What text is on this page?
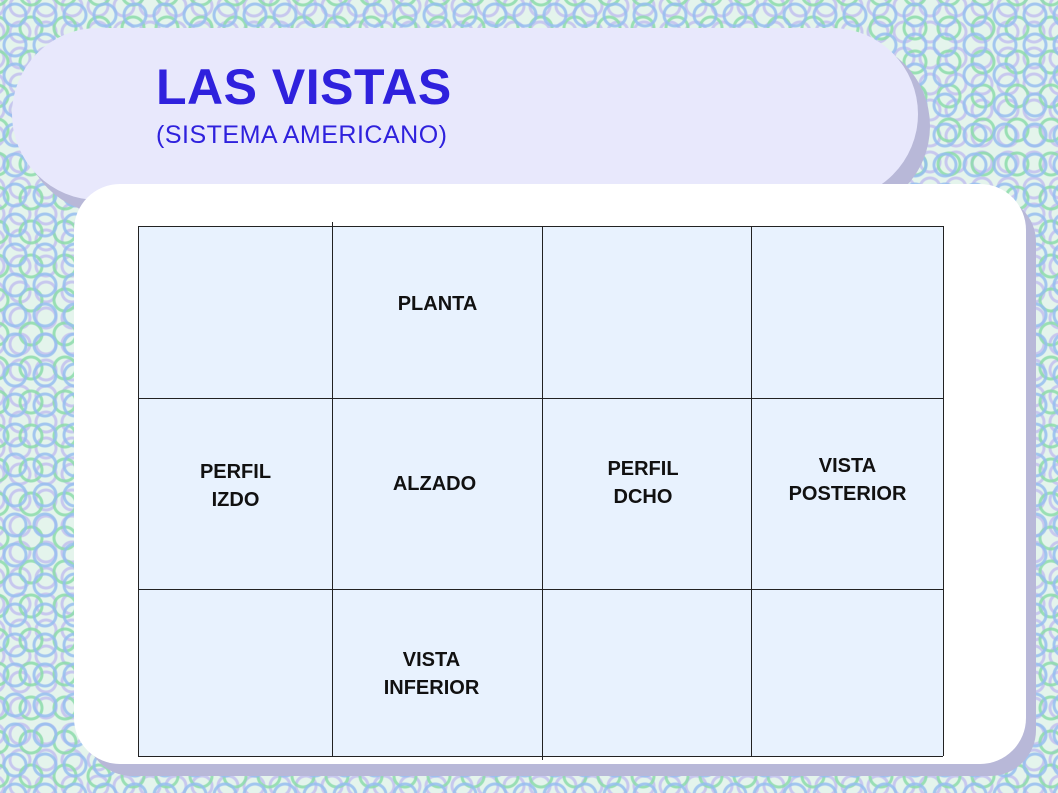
LAS VISTAS

(SISTEMA AMERICANO)

PLANTA
PERFIL
IZDO
ALZADO
PERFIL
DCHO
VISTA
POSTERIOR
VISTA
INFERIOR
